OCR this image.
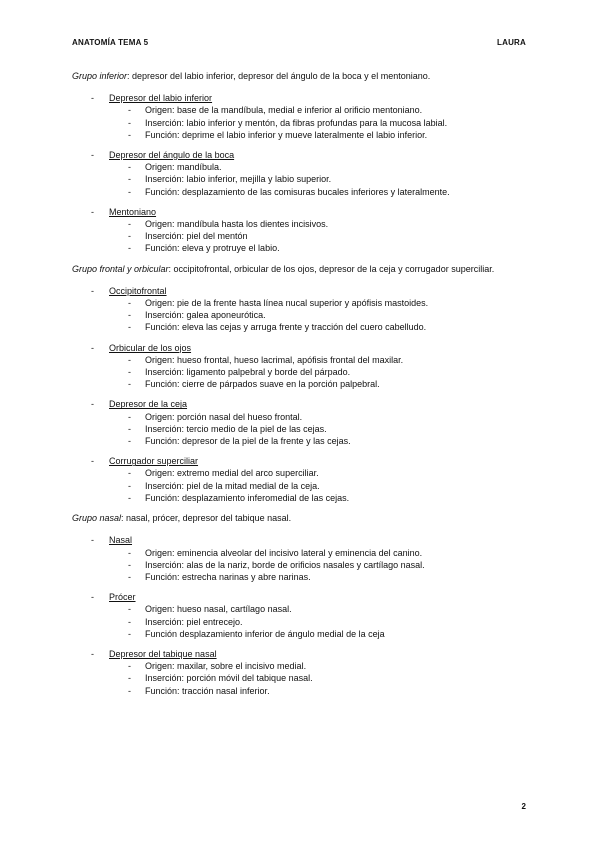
ANATOMÍA TEMA 5	LAURA

Grupo inferior: depresor del labio inferior, depresor del ángulo de la boca y el mentoniano.

- Depresor del labio inferior
- Origen: base de la mandíbula, medial e inferior al orificio mentoniano.
- Inserción: labio inferior y mentón, da fibras profundas para la mucosa labial.
- Función: deprime el labio inferior y mueve lateralmente el labio inferior.
- Depresor del ángulo de la boca
- Origen: mandíbula.
- Inserción: labio inferior, mejilla y labio superior.
- Función: desplazamiento de las comisuras bucales inferiores y lateralmente.
- Mentoniano
- Origen: mandíbula hasta los dientes incisivos.
- Inserción: piel del mentón
- Función: eleva y protruye el labio.

Grupo frontal y orbicular: occipitofrontal, orbicular de los ojos, depresor de la ceja y corrugador superciliar.

- Occipitofrontal
- Origen: pie de la frente hasta línea nucal superior y apófisis mastoides.
- Inserción: galea aponeurótica.
- Función: eleva las cejas y arruga frente y tracción del cuero cabelludo.
- Orbicular de los ojos
- Origen: hueso frontal, hueso lacrimal, apófisis frontal del maxilar.
- Inserción: ligamento palpebral y borde del párpado.
- Función: cierre de párpados suave en la porción palpebral.
- Depresor de la ceja
- Origen: porción nasal del hueso frontal.
- Inserción: tercio medio de la piel de las cejas.
- Función: depresor de la piel de la frente y las cejas.
- Corrugador superciliar
- Origen: extremo medial del arco superciliar.
- Inserción: piel de la mitad medial de la ceja.
- Función: desplazamiento inferomedial de las cejas.

Grupo nasal: nasal, prócer, depresor del tabique nasal.

- Nasal
- Origen: eminencia alveolar del incisivo lateral y eminencia del canino.
- Inserción: alas de la nariz, borde de orificios nasales y cartílago nasal.
- Función: estrecha narinas y abre narinas.
- Prócer
- Origen: hueso nasal, cartílago nasal.
- Inserción: piel entrecejo.
- Función desplazamiento inferior de ángulo medial de la ceja
- Depresor del tabique nasal
- Origen: maxilar, sobre el incisivo medial.
- Inserción: porción móvil del tabique nasal.
- Función: tracción nasal inferior.
2
